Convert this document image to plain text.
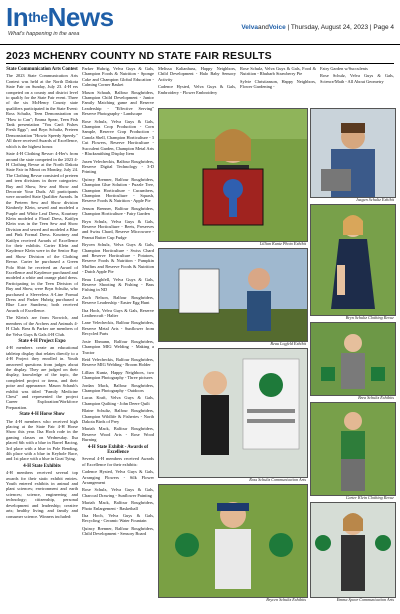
$In^{the}News$
What's happening in the area
VelvaandVoice | Thursday, August 24, 2023 | Page 4
2023 MCHENRY COUNTY ND STATE FAIR RESULTS
State Communication Arts Contest

The 2023 State Communication Arts Contest was held at the North Dakota State Fair on Sunday, July 23. 4-H ers competed on a county and district level to qualify for the State Fair event. Three of the six McHenry County state qualifiers participated in the State Event: Ross Schultz, Teen Demonstration on "How to Can"; Emma Spear, Teen Fish Tank presentation "You Can't Fishes Fresh Eggs"; and Bryn Schultz, Preteen Demonstration "Howto Speedy Speedy." All three received Awards of Excellence, which is the highest honor.

State 4-H Clothing Revue: 4-Her's from around the state competed in the 2023 4-H Clothing Revue at the North Dakota State Fair in Minot on Monday, July 24. The Clothing Revue consisted of preteen and teen divisions in three categories: Buy and Show, Sew and Show and Decorate Your Duds. All participants were awarded State Qualifier Awards. In the Preteen Sew and Show division Kimberly Klein, sewed and modeled a Purple and White Leaf Dress, Kourtney Klein modeled a Floral Dress, Kaitlyn Klein was in the Teen Sew and Show Division and sewed and modeled a Blue and Pink Formal Dress. Kourtney and Kaitlyn received Awards of Excellence for their exhibits. Carter Klein and Kaydence Klein were in the Senior Buy and Show Division of the Clothing Revue. Carter he purchased a Green Polo Shirt he received an Award of Excellence and Kaydence purchased and modeled a white and orange plaid dress. Participating in the Teen Division of Buy and Show, were Bryn Schultz, who purchased a Sleeveless A-Line Formal Dress and Parker Hubrig purchased a Blue Lace Sundress; both received Awards of Excellence.

The Klein's are from Norwich, and members of the Archers and Animals 4-H Club. Brea & Parker are members of the Velva Guys & Gals 4-H Club.

State 4-H Project Expo

4-H members create an educational tabletop display that relates directly to a 4-H Project they enrolled in. Youth answered questions from judges about the display. They are judged on their display, knowledge of the topic, the completed project or items, and their poise and appearance. Mason Schaub's exhibit was titled "Family Medicine Chest" and represented the project Career Exploration/Workforce Preparation.

State 4-H Horse Show

The 4-H members who received high placing at the State Fair 4-H Horse Show this year. Ilsa Hoch rode in the gaming classes on Wednesday. Ilsa placed 6th with a blue in Barrel Racing, 3rd place with a blue in Pole Bending, 4th place with a blue in Keyhole Race, and 1st place with a blue in Goat Tying.

4-H State Exhibits

4-H members received several top awards for their static exhibit entries. Youth entered exhibits in animal and plant sciences; environment and earth sciences; science, engineering and technology; citizenship, personal development and leadership; creative arts; healthy living; and family and consumer science. Winners included:

Parker Hubrig, Velva Guys & Gals, Champion Foods & Nutrition - Sponge Cake and Champion Global Education - Calming Corner Basket

Mason Schaub, Balfour Roughriders, Champion Child Development - Junior Family Matching game and Reserve Leadership - "Effective Serving" Reserve Photography - Landscape

Rose Schulz, Velva Guys & Gals, Champion Crop Production - Corn Sample, Reserve Crop Production - Canola Shell, Champion Horticulture - 3 Cut Flowers, Reserve Horticulture - Succulent Garden, Champion Metal Arts - Blacksmithing Display Item

Jaxen Velecheckis, Balfour Roughriders, Reserve Digital Technology - 3-D Printing

Quincy Brenner, Balfour Roughriders, Champion Glue Solution - Puzzle Tree, Champion Horticulture - Cucumbers, Champion Horticulture - Squash, Reserve Foods & Nutrition - Apple Pie

Jenson Brenner, Balfour Roughriders, Champion Horticulture - Fairy Garden

Bryn Schulz, Velva Guys & Gals, Reserve Horticulture - Beets, Preserves and Swiss Chard, Reserve Microwave - Peanut Butter Cup Fudge

Brycen Schulz, Velva Guys & Gals, Champion Horticulture - Swiss Chard and Reserve Horticulture - Potatoes, Reserve Foods & Nutrition - Pumpkin Muffins and Reserve Foods & Nutrition - Dutch Apple Pie

Beau Loghfell, Velva Guys & Gals, Reserve Shooting & Fishing - Bass Fishing in ND

Zach Nelson, Balfour Roughriders, Reserve Leadership - Easter Egg Hunt

Ilsa Hoch, Velva Guys & Gals, Reserve Leathercraft - Halter

Lane Velecheckis, Balfour Roughriders, Reserve Metal Arts - Sunflower from Recycled Parts

Josie Ehmann, Balfour Roughriders, Champion MIG Welding - Making a Tractor

Reid Velecheckis, Balfour Roughriders, Reserve MIG Welding - Broom Holder

Lillian Kuntz, Happy Neighbors, two Champion Photography - Three pictures

Jordan Mack, Balfour Roughriders, Champion Photography - Outdoors

Lucas Kraft, Velva Guys & Gals, Champion Quilting - John Deere Quilt

Blaine Schultz, Balfour Roughriders, Champion Wildlife & Fisheries - North Dakota Birds of Prey

Mariah Mack, Balfour Roughriders, Reserve Wood Arts - Rose Wood Burning

4-H State Exhibit - Awards of Excellence

Several 4-H members received Awards of Excellence for their exhibits:

Cadence Hysted, Velva Guys & Gals, Arranging Flowers - Silk Flower Arrangement

Rose Schulz, Velva Guys & Gals, Charcoal Drawing - Sunflower Painting

Mariah Mack, Balfour Roughriders, Photo Enlargement - Basketball

Ilsa Hoch, Velva Guys & Gals, Recycling - Ceramic Water Fountain

Quincy Brenner, Balfour Roughriders, Child Development - Sensory Board

Melissa Kalianhuss, Happy Neighbors, Child Development - Halo Baby Sensory Activity

Cadence Hysted, Velva Guys & Gals, Embroidery - Flower Embroidery

Rose Schulz, Velva Guys & Gals, Food & Nutrition - Rhubarb Strawberry Pie

Sylvie Christianson, Happy Neighbors, Flower Gardening -

Fairy Garden w/Succulents

Rose Schulz, Velva Guys & Gals, Science/Math - All About Geometry

Jaxgen Schultz Exhibit
Lillian Kuntz Photo Exhibit
Bryn Schultz Clothing Revue
Beau Logfeld Exhibit
Brea Schultz Exhibits
Ross Schultz Communication Arts
Carter Klein Clothing Revue
Brycen Schultz Exhibits	Emma Spear Communication Arts
